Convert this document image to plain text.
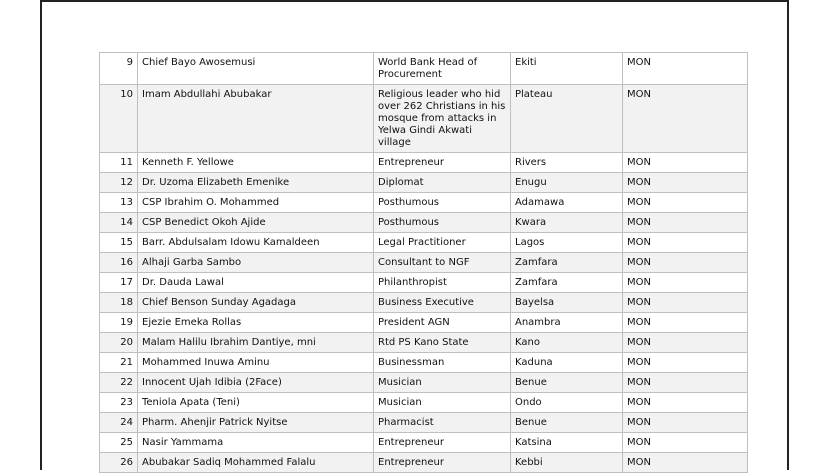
9	Chief Bayo Awosemusi	World Bank Head of Procurement	Ekiti	MON
10	Imam Abdullahi Abubakar	Religious leader who hid over 262 Christians in his mosque from attacks in Yelwa Gindi Akwati village	Plateau	MON
11	Kenneth F. Yellowe	Entrepreneur	Rivers	MON
12	Dr. Uzoma Elizabeth Emenike	Diplomat	Enugu	MON
13	CSP Ibrahim O. Mohammed	Posthumous	Adamawa	MON
14	CSP Benedict Okoh Ajide	Posthumous	Kwara	MON
15	Barr. Abdulsalam Idowu Kamaldeen	Legal Practitioner	Lagos	MON
16	Alhaji Garba Sambo	Consultant to NGF	Zamfara	MON
17	Dr. Dauda Lawal	Philanthropist	Zamfara	MON
18	Chief Benson Sunday Agadaga	Business Executive	Bayelsa	MON
19	Ejezie Emeka Rollas	President AGN	Anambra	MON
20	Malam Halilu Ibrahim Dantiye, mni	Rtd PS Kano State	Kano	MON
21	Mohammed Inuwa Aminu	Businessman	Kaduna	MON
22	Innocent Ujah Idibia (2Face)	Musician	Benue	MON
23	Teniola Apata (Teni)	Musician	Ondo	MON
24	Pharm. Ahenjir Patrick Nyitse	Pharmacist	Benue	MON
25	Nasir Yammama	Entrepreneur	Katsina	MON
26	Abubakar Sadiq Mohammed Falalu	Entrepreneur	Kebbi	MON
